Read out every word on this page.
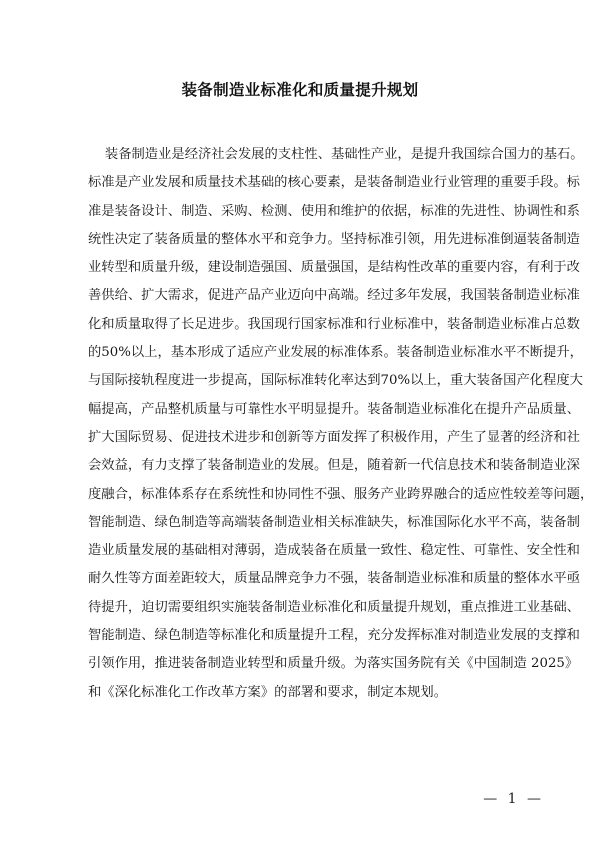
装备制造业标准化和质量提升规划
装备制造业是经济社会发展的支柱性、基础性产业，是提升我国综合国力的基石。
标准是产业发展和质量技术基础的核心要素，是装备制造业行业管理的重要手段。标
准是装备设计、制造、采购、检测、使用和维护的依据，标准的先进性、协调性和系
统性决定了装备质量的整体水平和竞争力。坚持标准引领，用先进标准倒逼装备制造
业转型和质量升级，建设制造强国、质量强国，是结构性改革的重要内容，有利于改
善供给、扩大需求，促进产品产业迈向中高端。经过多年发展，我国装备制造业标准
化和质量取得了长足进步。我国现行国家标准和行业标准中，装备制造业标准占总数
的50%以上，基本形成了适应产业发展的标准体系。装备制造业标准水平不断提升，
与国际接轨程度进一步提高，国际标准转化率达到70%以上，重大装备国产化程度大
幅提高，产品整机质量与可靠性水平明显提升。装备制造业标准化在提升产品质量、
扩大国际贸易、促进技术进步和创新等方面发挥了积极作用，产生了显著的经济和社
会效益，有力支撑了装备制造业的发展。但是，随着新一代信息技术和装备制造业深
度融合，标准体系存在系统性和协同性不强、服务产业跨界融合的适应性较差等问题，
智能制造、绿色制造等高端装备制造业相关标准缺失，标准国际化水平不高，装备制
造业质量发展的基础相对薄弱，造成装备在质量一致性、稳定性、可靠性、安全性和
耐久性等方面差距较大，质量品牌竞争力不强，装备制造业标准和质量的整体水平亟
待提升，迫切需要组织实施装备制造业标准化和质量提升规划，重点推进工业基础、
智能制造、绿色制造等标准化和质量提升工程，充分发挥标准对制造业发展的支撑和
引领作用，推进装备制造业转型和质量升级。为落实国务院有关《中国制造 2025》
和《深化标准化工作改革方案》的部署和要求，制定本规划。
— 1 —
